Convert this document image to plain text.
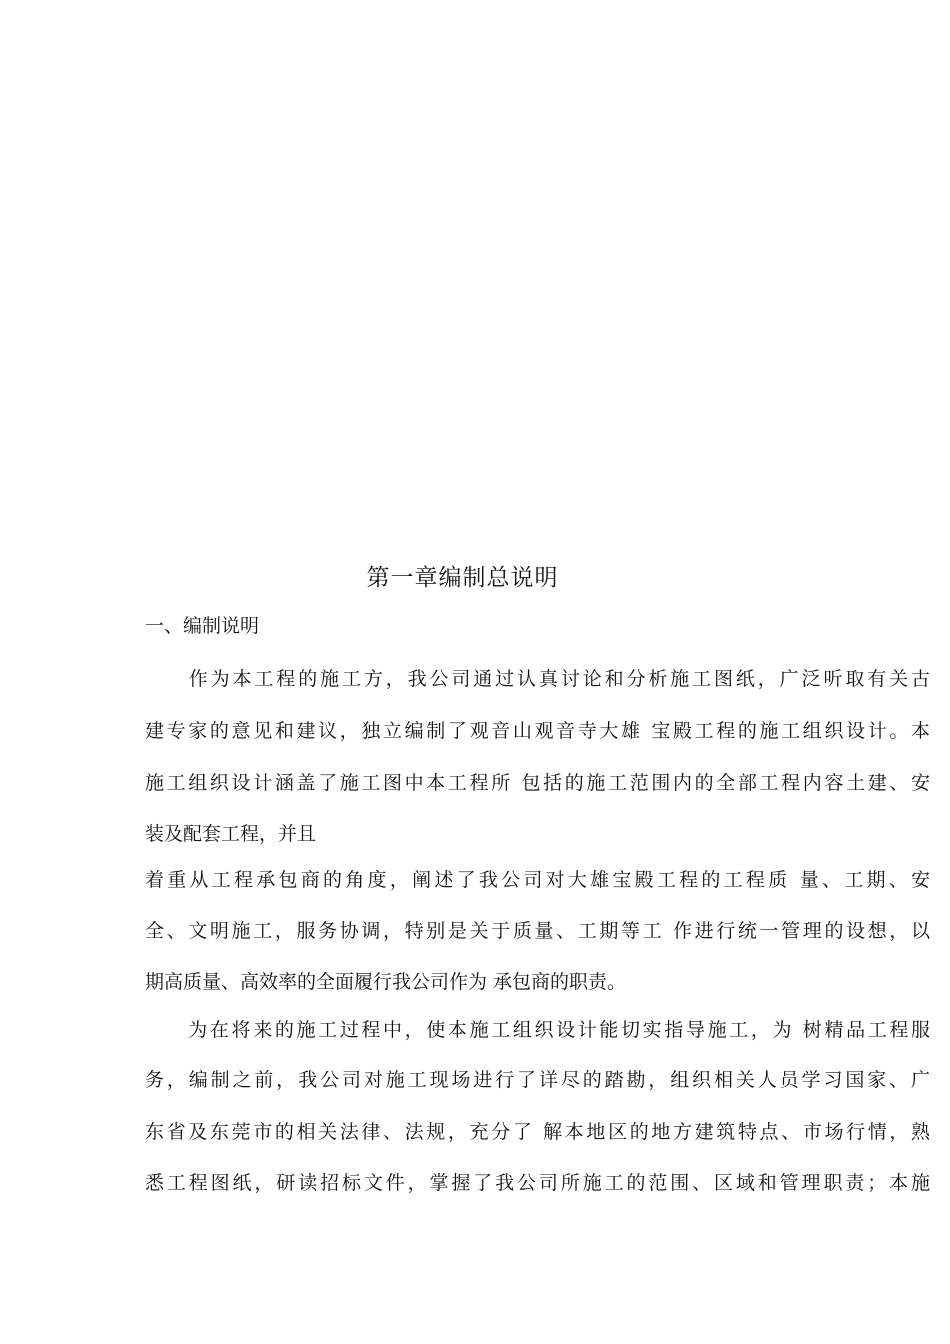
第一章编制总说明
一、编制说明

　　作为本工程的施工方，我公司通过认真讨论和分析施工图纸，广泛听取有关古

建专家的意见和建议，独立编制了观音山观音寺大雄 宝殿工程的施工组织设计。本

施工组织设计涵盖了施工图中本工程所 包括的施工范围内的全部工程内容土建、安

装及配套工程，并且

着重从工程承包商的角度，阐述了我公司对大雄宝殿工程的工程质 量、工期、安

全、文明施工，服务协调，特别是关于质量、工期等工 作进行统一管理的设想，以

期高质量、高效率的全面履行我公司作为 承包商的职责。

　　为在将来的施工过程中，使本施工组织设计能切实指导施工，为 树精品工程服

务，编制之前，我公司对施工现场进行了详尽的踏勘，组织相关人员学习国家、广

东省及东莞市的相关法律、法规，充分了 解本地区的地方建筑特点、市场行情，熟

悉工程图纸，研读招标文件，掌握了我公司所施工的范围、区域和管理职责；本施
